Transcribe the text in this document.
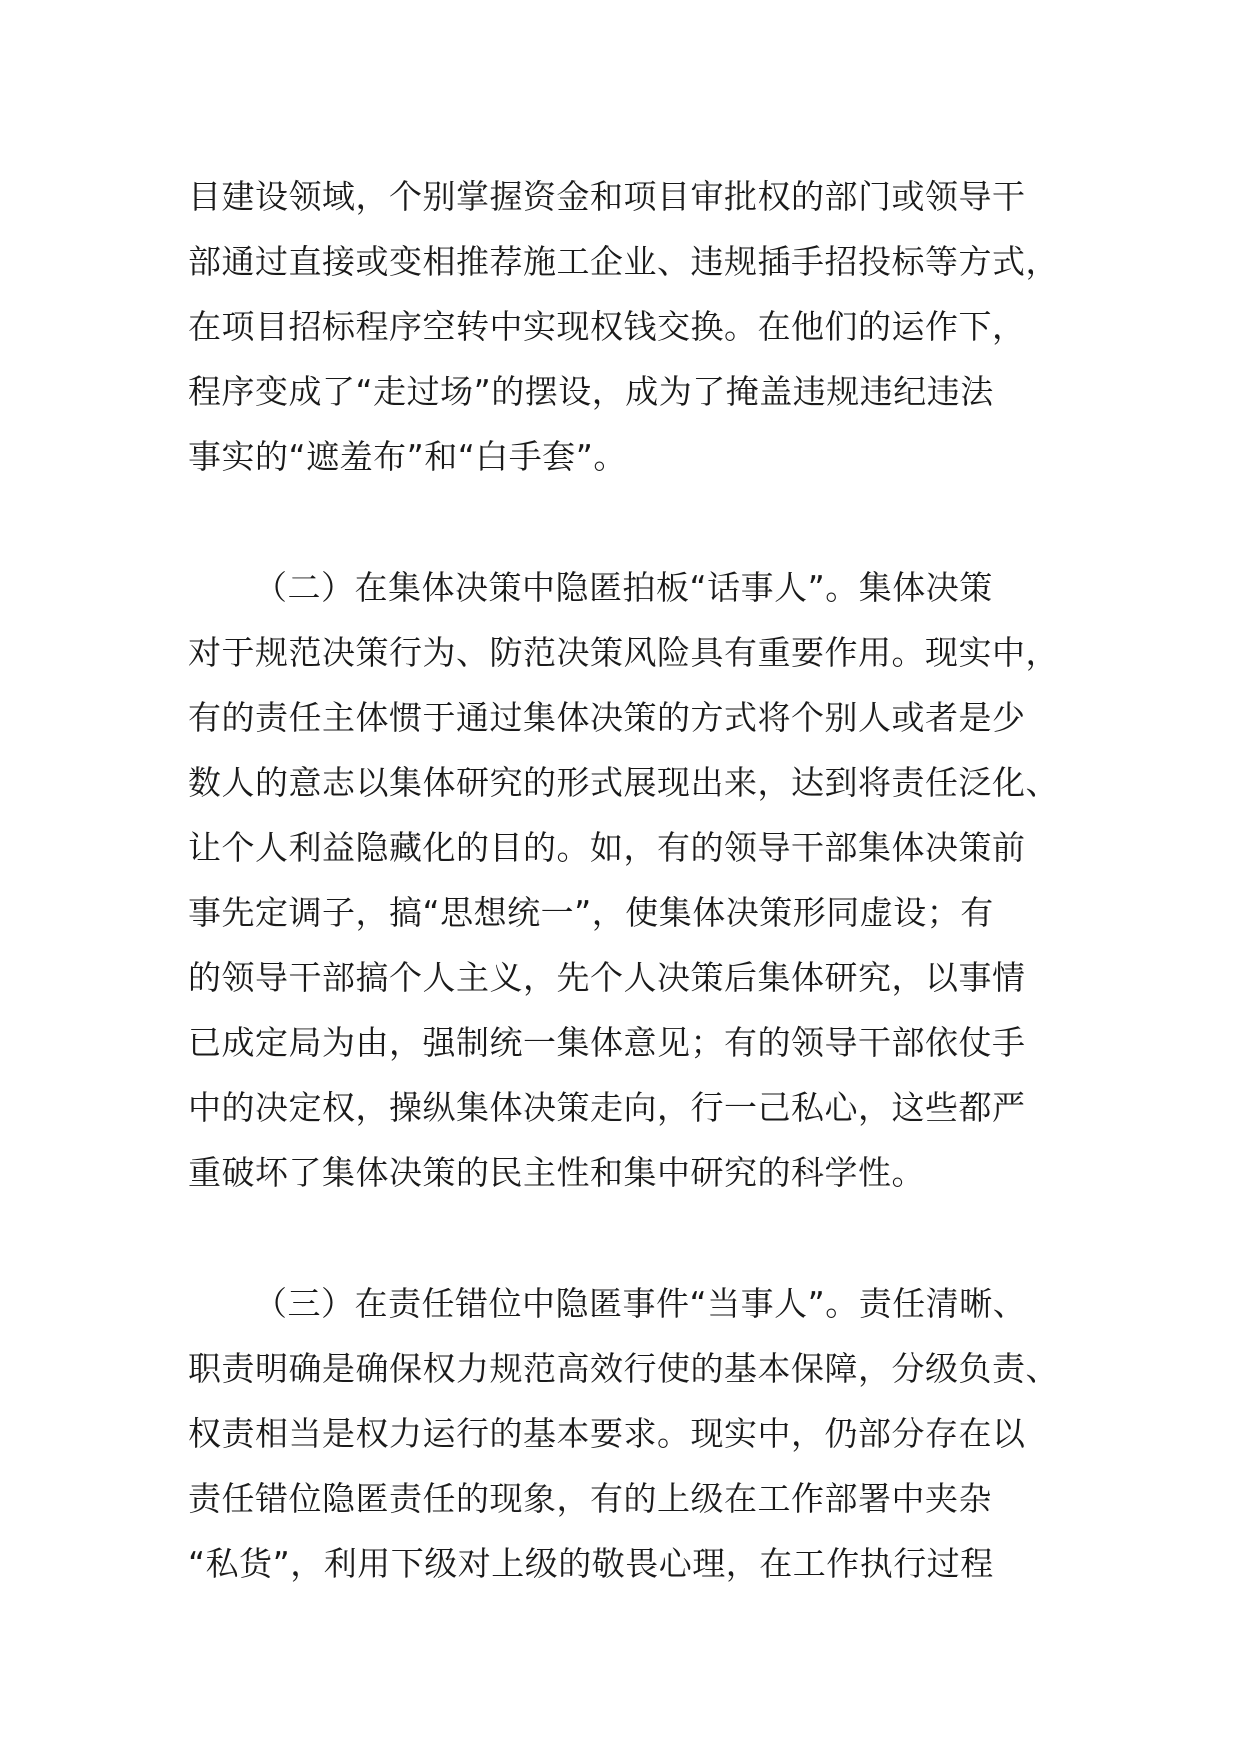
目建设领域，个别掌握资金和项目审批权的部门或领导干
部通过直接或变相推荐施工企业、违规插手招投标等方式，
在项目招标程序空转中实现权钱交换。在他们的运作下，
程序变成了“走过场”的摆设，成为了掩盖违规违纪违法
事实的“遮羞布”和“白手套”。
（二）在集体决策中隐匿拍板“话事人”。集体决策
对于规范决策行为、防范决策风险具有重要作用。现实中，
有的责任主体惯于通过集体决策的方式将个别人或者是少
数人的意志以集体研究的形式展现出来，达到将责任泛化、
让个人利益隐藏化的目的。如，有的领导干部集体决策前
事先定调子，搞“思想统一”，使集体决策形同虚设；有
的领导干部搞个人主义，先个人决策后集体研究，以事情
已成定局为由，强制统一集体意见；有的领导干部依仗手
中的决定权，操纵集体决策走向，行一己私心，这些都严
重破坏了集体决策的民主性和集中研究的科学性。
（三）在责任错位中隐匿事件“当事人”。责任清晰、
职责明确是确保权力规范高效行使的基本保障，分级负责、
权责相当是权力运行的基本要求。现实中，仍部分存在以
责任错位隐匿责任的现象，有的上级在工作部署中夹杂
“私货”，利用下级对上级的敬畏心理，在工作执行过程
